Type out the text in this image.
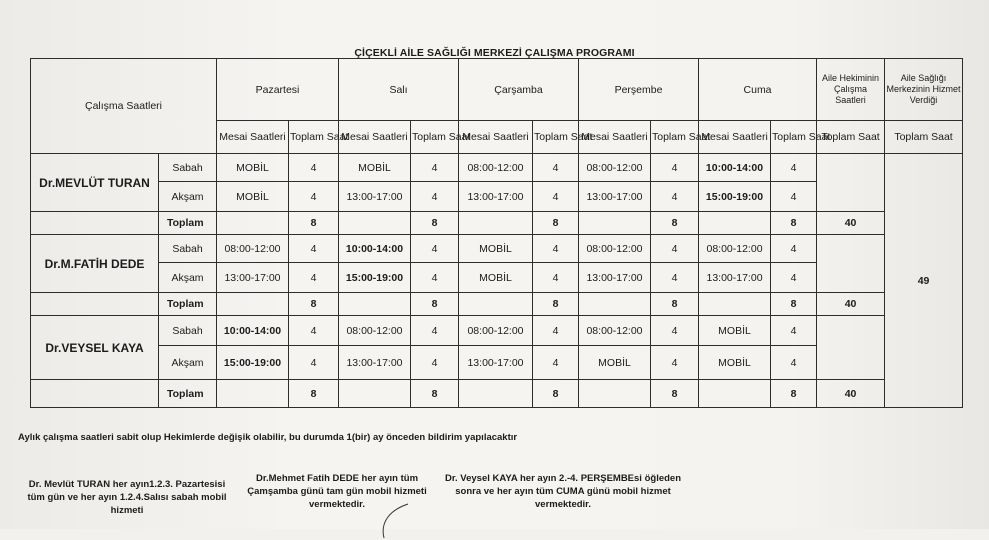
ÇİÇEKLİ AİLE SAĞLIĞI MERKEZİ ÇALIŞMA PROGRAMI
Çalışma Saatleri		Pazartesi		Salı		Çarşamba		Perşembe		Cuma		Aile Hekiminin Çalışma Saatleri	Aile Sağlığı Merkezinin Hizmet Verdiği
		Mesai Saatleri	Toplam Saat	Mesai Saatleri	Toplam Saat	Mesai Saatleri	Toplam Saat	Mesai Saatleri	Toplam Saat	Mesai Saatleri	Toplam Saat	Toplam Saat	Toplam Saat
Dr.MEVLÜT TURAN	Sabah	MOBİL	4	MOBİL	4	08:00-12:00	4	08:00-12:00	4	10:00-14:00	4		49
	Akşam	MOBİL	4	13:00-17:00	4	13:00-17:00	4	13:00-17:00	4	15:00-19:00	4		
	Toplam		8		8		8		8		8	40	
Dr.M.FATİH DEDE	Sabah	08:00-12:00	4	10:00-14:00	4	MOBİL	4	08:00-12:00	4	08:00-12:00	4		
	Akşam	13:00-17:00	4	15:00-19:00	4	MOBİL	4	13:00-17:00	4	13:00-17:00	4		
	Toplam		8		8		8		8		8	40	
Dr.VEYSEL KAYA	Sabah	10:00-14:00	4	08:00-12:00	4	08:00-12:00	4	08:00-12:00	4	MOBİL	4		
	Akşam	15:00-19:00	4	13:00-17:00	4	13:00-17:00	4	MOBİL	4	MOBİL	4		
	Toplam		8		8		8		8		8	40	
Aylık çalışma saatleri sabit olup Hekimlerde değişik olabilir, bu durumda 1(bir) ay önceden bildirim yapılacaktır
Dr. Mevlüt TURAN her ayın1.2.3. Pazartesisi tüm gün ve her ayın 1.2.4.Salısı sabah mobil hizmeti
Dr.Mehmet Fatih DEDE her ayın tüm Çamşamba günü tam gün mobil hizmeti vermektedir.
Dr. Veysel KAYA her ayın 2.-4. PERŞEMBEsi öğleden sonra ve her ayın tüm CUMA günü mobil hizmet vermektedir.
